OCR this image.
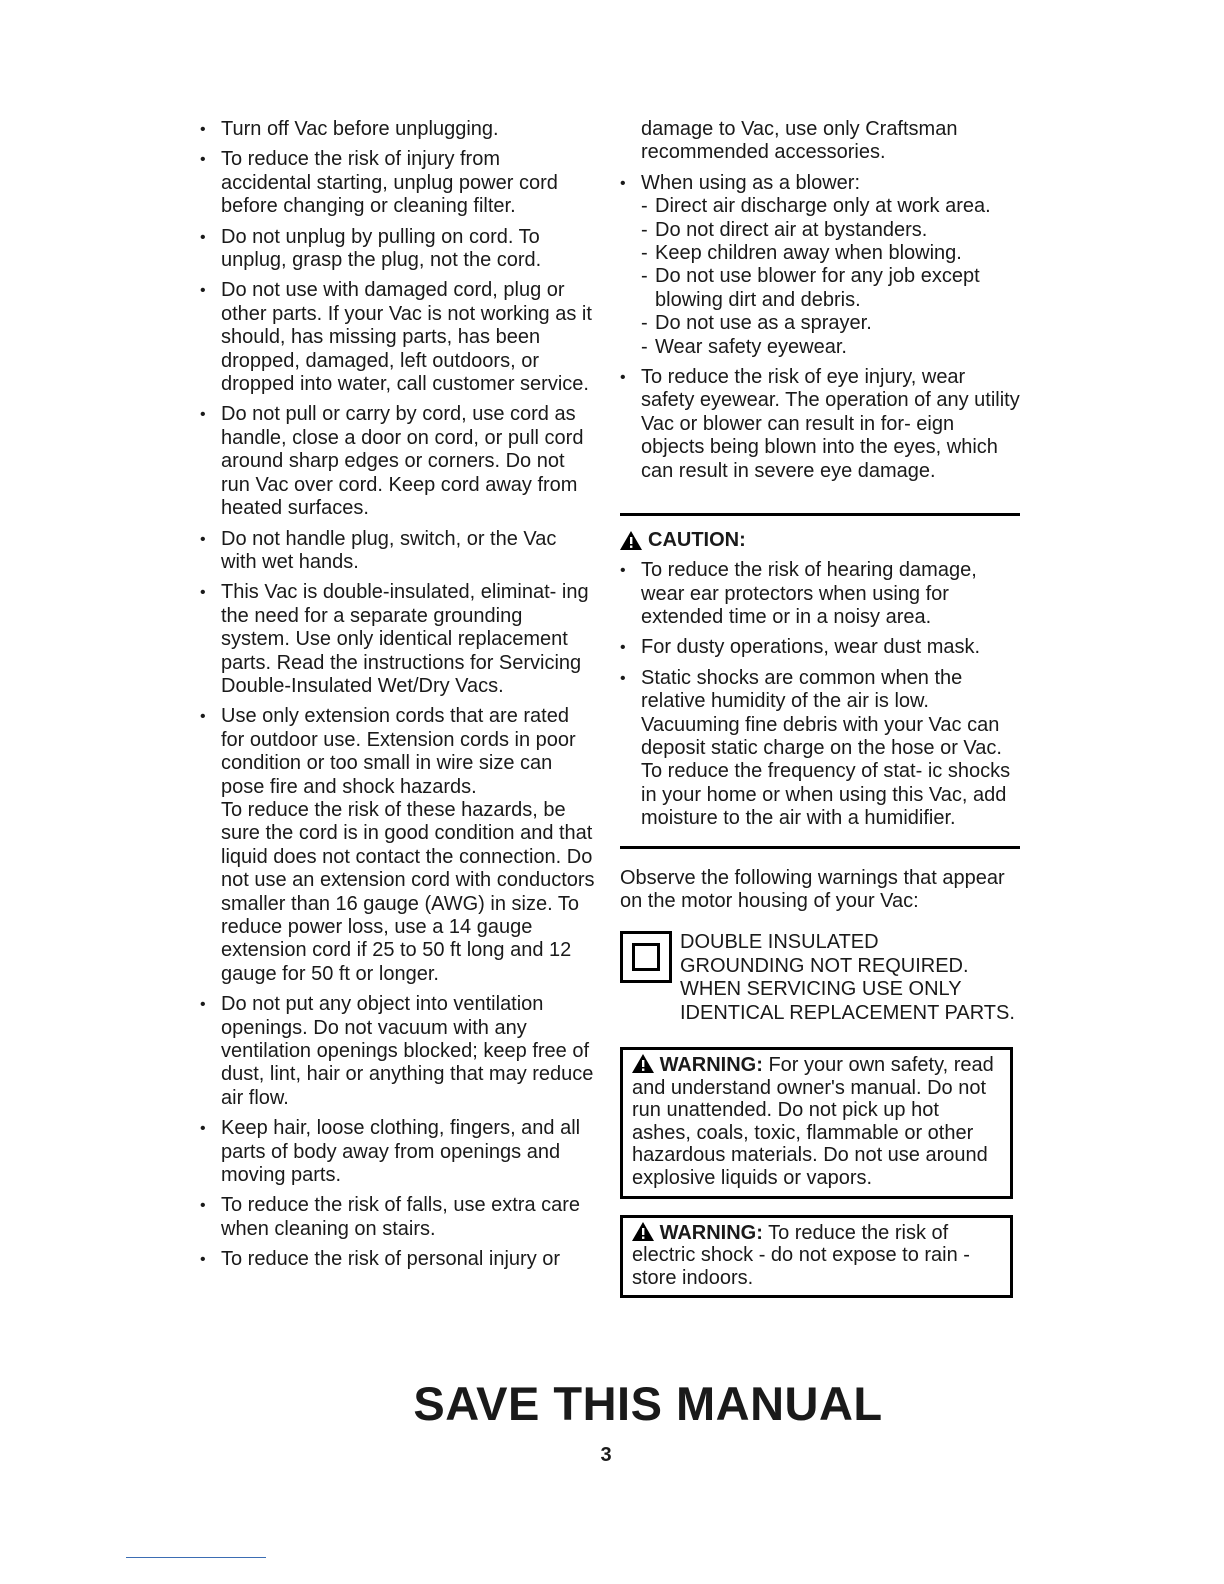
• Turn off Vac before unplugging.
• To reduce the risk of injury from accidental starting, unplug power cord before changing or cleaning filter.
• Do not unplug by pulling on cord. To unplug, grasp the plug, not the cord.
• Do not use with damaged cord, plug or other parts. If your Vac is not working as it should, has missing parts, has been dropped, damaged, left outdoors, or dropped into water, call customer service.
• Do not pull or carry by cord, use cord as handle, close a door on cord, or pull cord around sharp edges or corners. Do not run Vac over cord. Keep cord away from heated surfaces.
• Do not handle plug, switch, or the Vac with wet hands.
• This Vac is double-insulated, eliminat- ing the need for a separate grounding system. Use only identical replacement parts. Read the instructions for Servicing Double-Insulated Wet/Dry Vacs.
• Use only extension cords that are rated for outdoor use. Extension cords in poor condition or too small in wire size can pose fire and shock hazards.
To reduce the risk of these hazards, be sure the cord is in good condition and that liquid does not contact the connection. Do not use an extension cord with conductors smaller than 16 gauge (AWG) in size. To reduce power loss, use a 14 gauge extension cord if 25 to 50 ft long and 12 gauge for 50 ft or longer.
• Do not put any object into ventilation openings. Do not vacuum with any ventilation openings blocked; keep free of dust, lint, hair or anything that may reduce air flow.
• Keep hair, loose clothing, fingers, and all parts of body away from openings and moving parts.
• To reduce the risk of falls, use extra care when cleaning on stairs.
• To reduce the risk of personal injury or
damage to Vac, use only Craftsman recommended accessories.
• When using as a blower:
- Direct air discharge only at work area.
- Do not direct air at bystanders.
- Keep children away when blowing.
- Do not use blower for any job except blowing dirt and debris.
- Do not use as a sprayer.
- Wear safety eyewear.
• To reduce the risk of eye injury, wear safety eyewear. The operation of any utility Vac or blower can result in for- eign objects being blown into the eyes, which can result in severe eye damage.
CAUTION:
• To reduce the risk of hearing damage, wear ear protectors when using for extended time or in a noisy area.
• For dusty operations, wear dust mask.
• Static shocks are common when the relative humidity of the air is low. Vacuuming fine debris with your Vac can deposit static charge on the hose or Vac. To reduce the frequency of stat- ic shocks in your home or when using this Vac, add moisture to the air with a humidifier.
Observe the following warnings that appear on the motor housing of your Vac:
DOUBLE INSULATED
GROUNDING NOT REQUIRED.
WHEN SERVICING USE ONLY
IDENTICAL REPLACEMENT PARTS.
WARNING: For your own safety, read and understand owner's manual. Do not run unattended. Do not pick up hot ashes, coals, toxic, flammable or other hazardous materials. Do not use around explosive liquids or vapors.
WARNING: To reduce the risk of electric shock - do not expose to rain - store indoors.
SAVE THIS MANUAL
3
